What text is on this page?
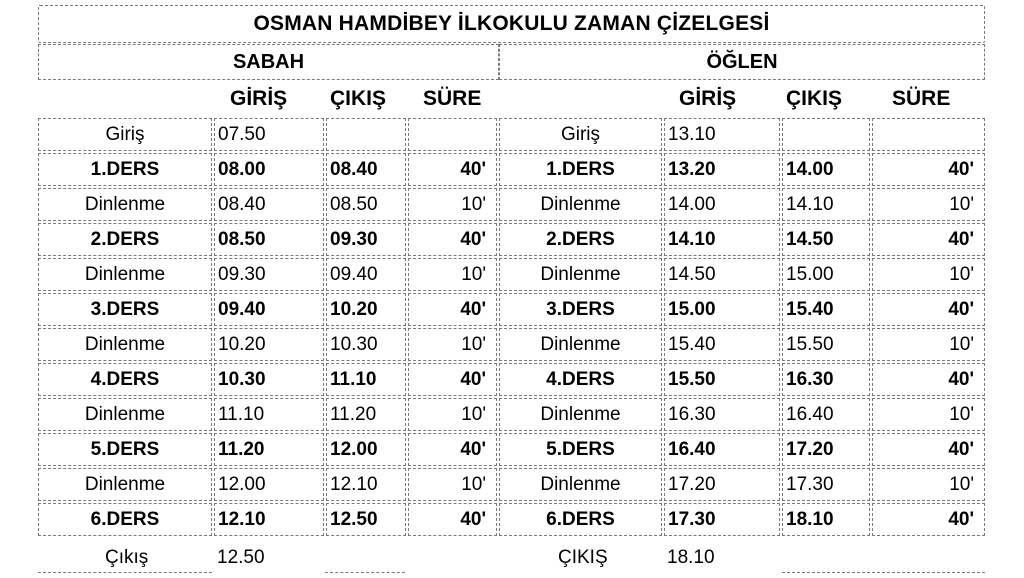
OSMAN HAMDİBEY İLKOKULU ZAMAN ÇİZELGESİ
SABAH	ÖĞLEN
GİRİŞ ÇIKIŞ SÜRE	GİRİŞ ÇIKIŞ SÜRE
Giriş	07.50	Giriş	13.10
1.DERS	08.00	08.40	40'	1.DERS	13.20	14.00	40'
Dinlenme	08.40	08.50	10'	Dinlenme	14.00	14.10	10'
2.DERS	08.50	09.30	40'	2.DERS	14.10	14.50	40'
Dinlenme	09.30	09.40	10'	Dinlenme	14.50	15.00	10'
3.DERS	09.40	10.20	40'	3.DERS	15.00	15.40	40'
Dinlenme	10.20	10.30	10'	Dinlenme	15.40	15.50	10'
4.DERS	10.30	11.10	40'	4.DERS	15.50	16.30	40'
Dinlenme	11.10	11.20	10'	Dinlenme	16.30	16.40	10'
5.DERS	11.20	12.00	40'	5.DERS	16.40	17.20	40'
Dinlenme	12.00	12.10	10'	Dinlenme	17.20	17.30	10'
6.DERS	12.10	12.50	40'	6.DERS	17.30	18.10	40'
Çıkış	12.50	ÇIKIŞ	18.10
